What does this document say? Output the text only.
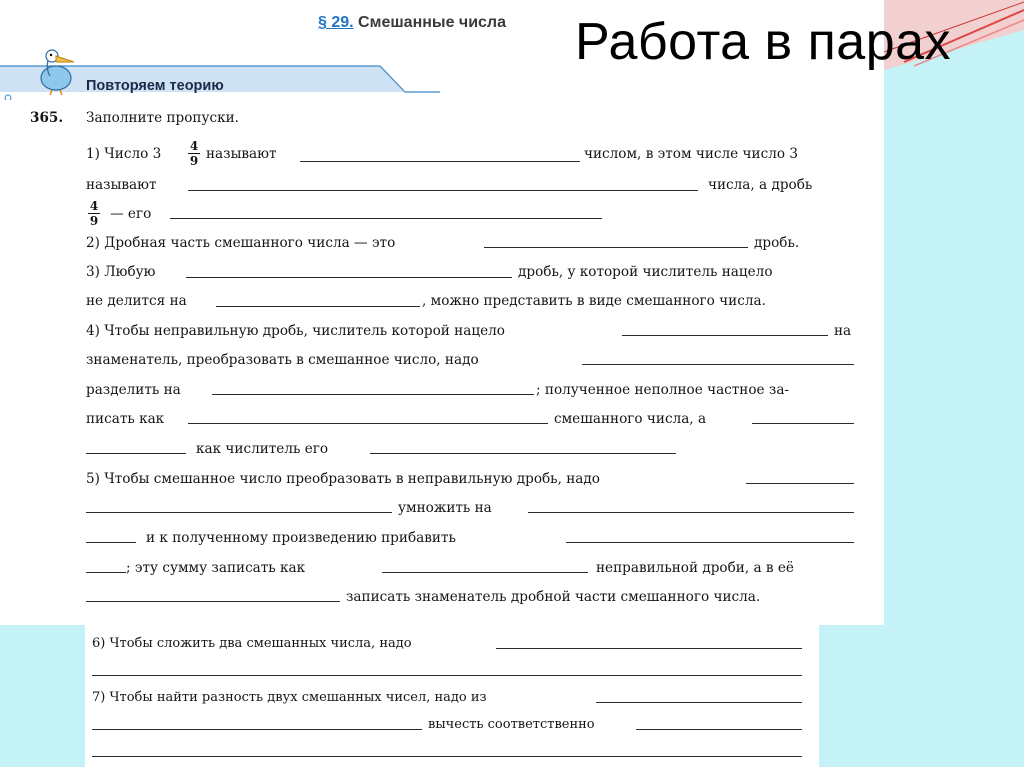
§ 29. Смешанные числа
Повторяем теорию
365. Заполните пропуски.
1) Число 3 4
9 называют	числом, в этом числе число 3
называют	числа, а дробь
4
9 — его
2) Дробная часть смешанного числа — это	дробь.
3) Любую	дробь, у которой числитель нацело
не делится на	, можно представить в виде смешанного числа.
4) Чтобы неправильную дробь, числитель которой нацело	на
знаменатель, преобразовать в смешанное число, надо
разделить на	; полученное неполное частное за-
писать как	смешанного числа, а
как числитель его
5) Чтобы смешанное число преобразовать в неправильную дробь, надо
умножить на
и к полученному произведению прибавить
; эту сумму записать как	неправильной дроби, а в её
записать знаменатель дробной части смешанного числа.
6) Чтобы сложить два смешанных числа, надо
7) Чтобы найти разность двух смешанных чисел, надо из
вычесть соответственно
Работа в парах
